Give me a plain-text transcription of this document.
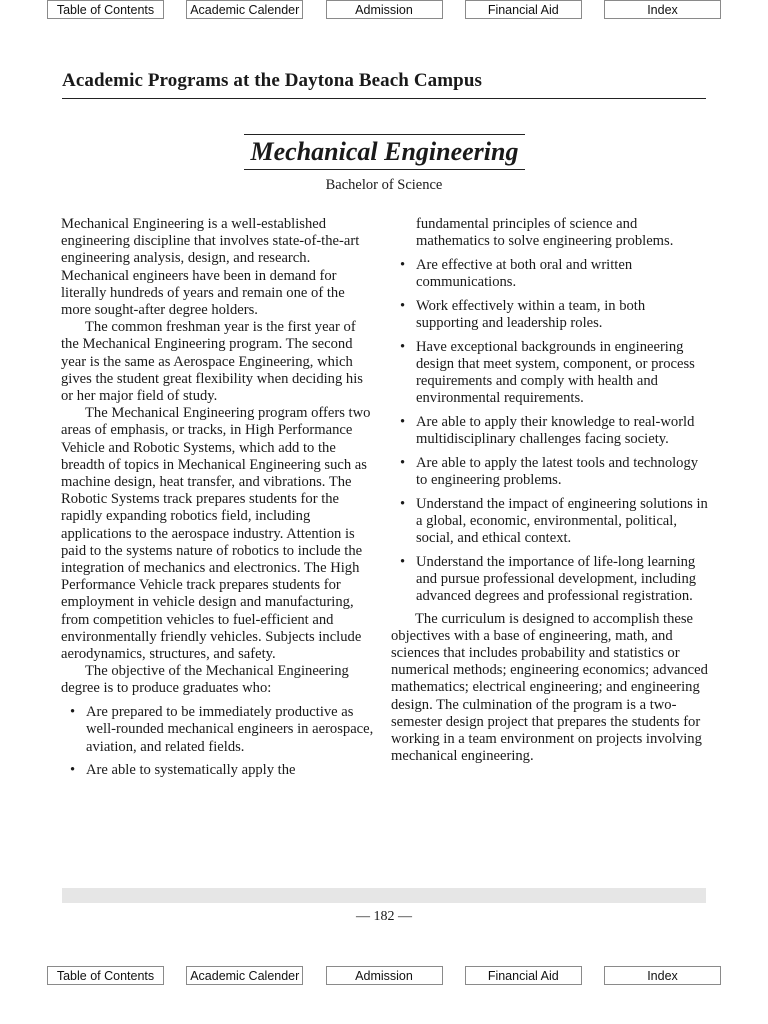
Table of Contents	Academic Calender	Admission	Financial Aid	Index
Academic Programs at the Daytona Beach Campus
Mechanical Engineering
Bachelor of Science

Mechanical Engineering is a well-established engineering discipline that involves state-of-the-art engineering analysis, design, and research. Mechanical engineers have been in demand for literally hundreds of years and remain one of the more sought-after degree holders.

The common freshman year is the first year of the Mechanical Engineering program. The second year is the same as Aerospace Engineering, which gives the student great flexibility when deciding his or her major field of study.

The Mechanical Engineering program offers two areas of emphasis, or tracks, in High Performance Vehicle and Robotic Systems, which add to the breadth of topics in Mechanical Engineering such as machine design, heat transfer, and vibrations. The Robotic Systems track prepares students for the rapidly expanding robotics field, including applications to the aerospace industry. Attention is paid to the systems nature of robotics to include the integration of mechanics and electronics. The High Performance Vehicle track prepares students for employment in vehicle design and manufacturing, from competition vehicles to fuel-efficient and environmentally friendly vehicles. Subjects include aerodynamics, structures, and safety.

The objective of the Mechanical Engineering degree is to produce graduates who:

• Are prepared to be immediately productive as well-rounded mechanical engineers in aerospace, aviation, and related fields.
• Are able to systematically apply the

fundamental principles of science and mathematics to solve engineering problems.

• Are effective at both oral and written communications.
• Work effectively within a team, in both supporting and leadership roles.
• Have exceptional backgrounds in engineering design that meet system, component, or process requirements and comply with health and environmental requirements.
• Are able to apply their knowledge to real-world multidisciplinary challenges facing society.
• Are able to apply the latest tools and technology to engineering problems.
• Understand the impact of engineering solutions in a global, economic, environmental, political, social, and ethical context.
• Understand the importance of life-long learning and pursue professional development, including advanced degrees and professional registration.

The curriculum is designed to accomplish these objectives with a base of engineering, math, and sciences that includes probability and statistics or numerical methods; engineering economics; advanced mathematics; electrical engineering; and engineering design. The culmination of the program is a two-semester design project that prepares the students for working in a team environment on projects involving mechanical engineering.

— 182 —
Table of Contents	Academic Calender	Admission	Financial Aid	Index
